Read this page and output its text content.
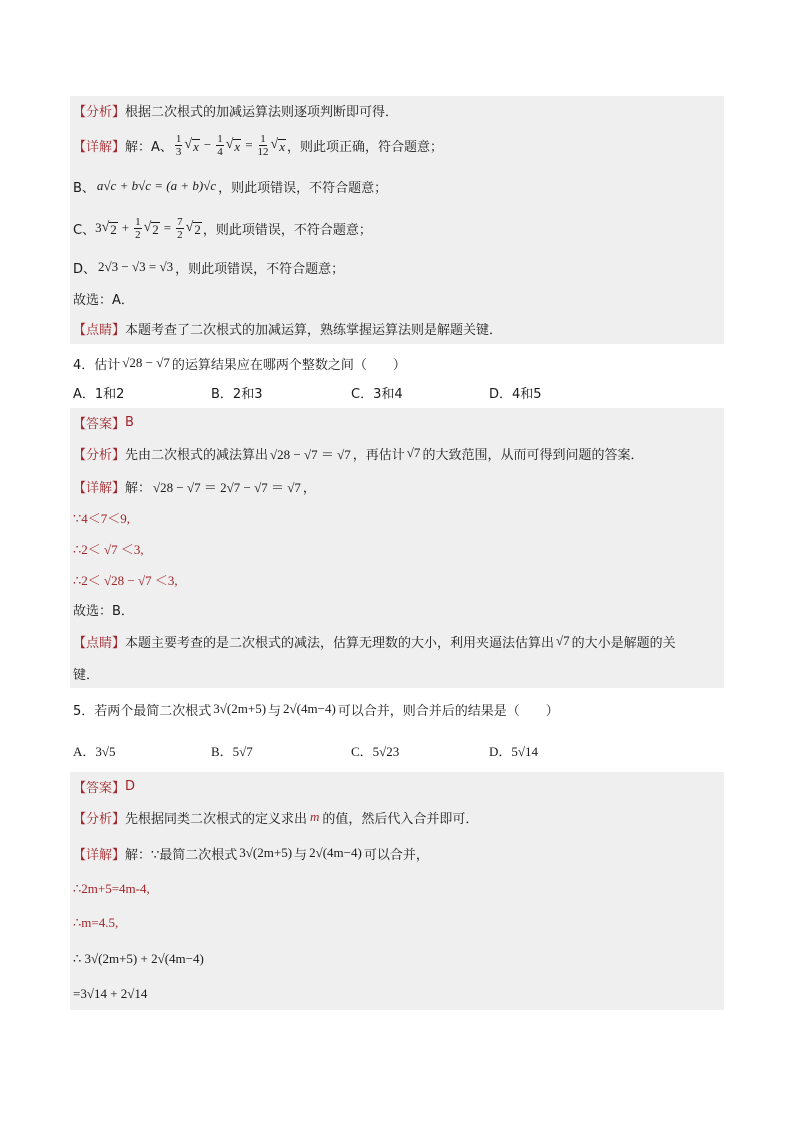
【分析】 根据二次根式的加减运算法则逐项判断即可得．
【详解】 解：A、 $\frac{1}{3}$ √ $x - \frac{1}{4}$ √ $x = \frac{1}{12}$ √ x ，则此项正确，符合题意；
B、 a√c + b√c = (a + b)√c ，则此项错误，不符合题意；
C、 3 √ $2 + \frac{1}{2}$ √ $2 = \frac{7}{2}$ √ 2 ，则此项错误，不符合题意；
D、 2√3 − √3 = √3 ，则此项错误，不符合题意；
故选：A．
【点睛】 本题考查了二次根式的加减运算，熟练掌握运算法则是解题关键．
4．估计 √28 − √7 的运算结果应在哪两个整数之间（　　）
A．1和2	B．2和3	C．3和4	D．4和5
【答案】 B
【分析】 先由二次根式的减法算出 √28 − √7 ＝ √7 ，再估计 √7 的大致范围，从而可得到问题的答案．
【详解】 解： √28 − √7 ＝ 2√7 − √7 ＝ √7 ，
∵4＜7＜9,
∴2＜ √7 ＜3,
∴2＜ √28 − √7 ＜3,
故选：B．
【点睛】 本题主要考查的是二次根式的减法，估算无理数的大小，利用夹逼法估算出 √7 的大小是解题的关
键．
5．若两个最简二次根式 3√(2m+5) 与 2√(4m−4) 可以合并，则合并后的结果是（　　）
A．3√5	B．5√7	C．5√23	D．5√14
【答案】 D
【分析】 先根据同类二次根式的定义求出 m 的值，然后代入合并即可．
【详解】 解：∵最简二次根式 3√(2m+5) 与 2√(4m−4) 可以合并，
∴2m+5=4m-4,
∴m=4.5,
∴ 3√(2m+5) + 2√(4m−4)
=3√14 + 2√14
